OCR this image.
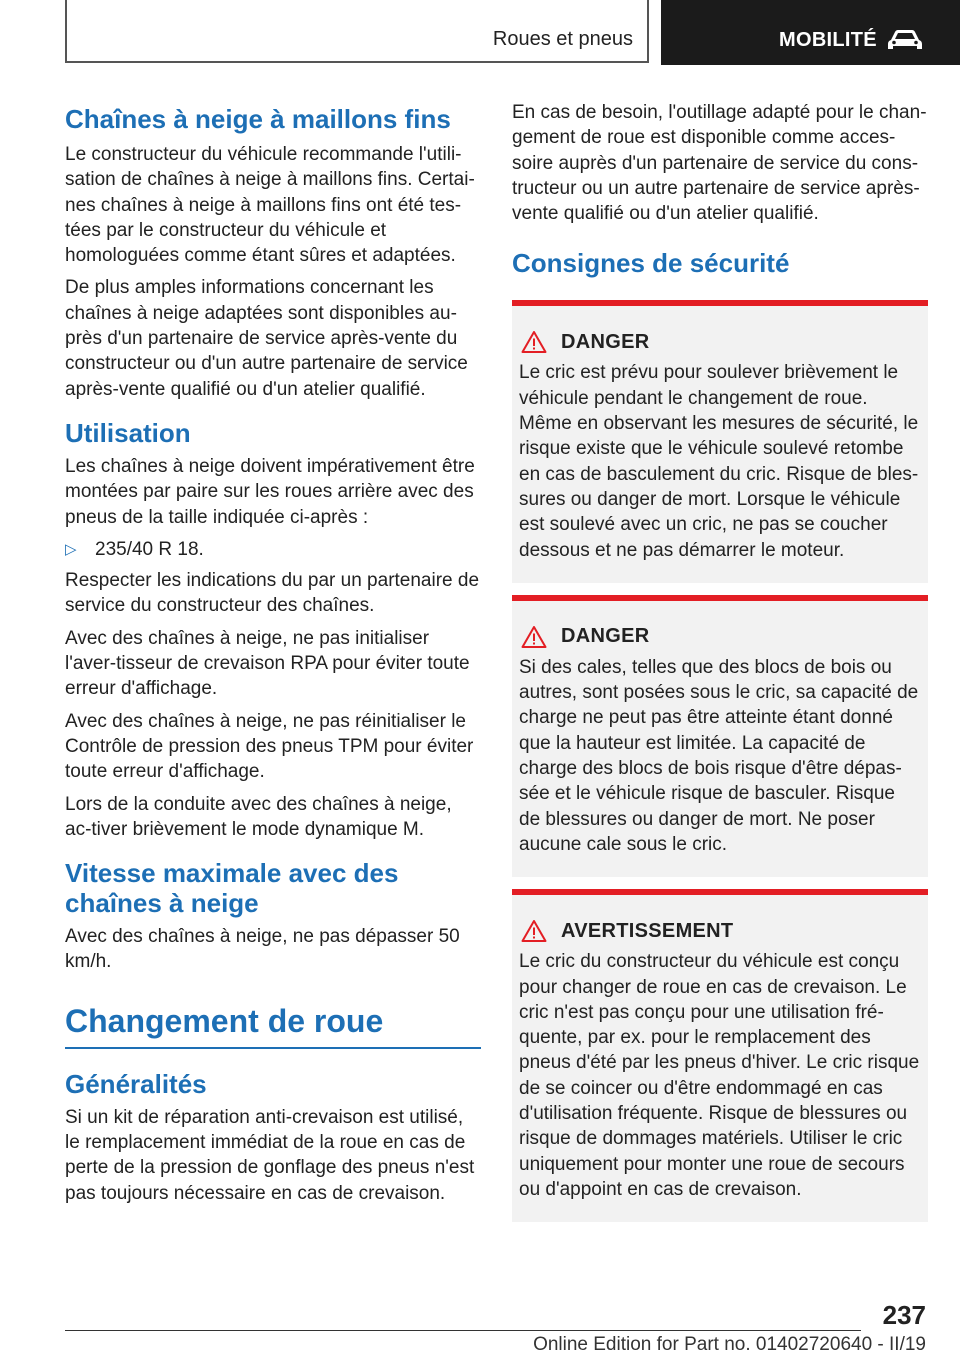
Roues et pneus	MOBILITÉ
Chaînes à neige à maillons fins

Le constructeur du véhicule recommande l'utili-sation de chaînes à neige à maillons fins. Certai-nes chaînes à neige à maillons fins ont été tes-tées par le constructeur du véhicule et homologuées comme étant sûres et adaptées.

De plus amples informations concernant les chaînes à neige adaptées sont disponibles au-près d'un partenaire de service après-vente du constructeur ou d'un autre partenaire de service après-vente qualifié ou d'un atelier qualifié.

Utilisation

Les chaînes à neige doivent impérativement être montées par paire sur les roues arrière avec des pneus de la taille indiquée ci-après :

▷ 235/40 R 18.

Respecter les indications du par un partenaire de service du constructeur des chaînes.

Avec des chaînes à neige, ne pas initialiser l'aver-tisseur de crevaison RPA pour éviter toute erreur d'affichage.

Avec des chaînes à neige, ne pas réinitialiser le Contrôle de pression des pneus TPM pour éviter toute erreur d'affichage.

Lors de la conduite avec des chaînes à neige, ac-tiver brièvement le mode dynamique M.

Vitesse maximale avec des chaînes à neige

Avec des chaînes à neige, ne pas dépasser 50 km/h.

Changement de roue
Généralités

Si un kit de réparation anti-crevaison est utilisé, le remplacement immédiat de la roue en cas de perte de la pression de gonflage des pneus n'est pas toujours nécessaire en cas de crevaison.

En cas de besoin, l'outillage adapté pour le chan-gement de roue est disponible comme acces-soire auprès d'un partenaire de service du cons-tructeur ou un autre partenaire de service après-vente qualifié ou d'un atelier qualifié.

Consignes de sécurité
DANGER

Le cric est prévu pour soulever brièvement le véhicule pendant le changement de roue. Même en observant les mesures de sécurité, le risque existe que le véhicule soulevé retombe en cas de basculement du cric. Risque de bles-sures ou danger de mort. Lorsque le véhicule est soulevé avec un cric, ne pas se coucher dessous et ne pas démarrer le moteur.

DANGER

Si des cales, telles que des blocs de bois ou autres, sont posées sous le cric, sa capacité de charge ne peut pas être atteinte étant donné que la hauteur est limitée. La capacité de charge des blocs de bois risque d'être dépas-sée et le véhicule risque de basculer. Risque de blessures ou danger de mort. Ne poser aucune cale sous le cric.

AVERTISSEMENT

Le cric du constructeur du véhicule est conçu pour changer de roue en cas de crevaison. Le cric n'est pas conçu pour une utilisation fré-quente, par ex. pour le remplacement des pneus d'été par les pneus d'hiver. Le cric risque de se coincer ou d'être endommagé en cas d'utilisation fréquente. Risque de blessures ou risque de dommages matériels. Utiliser le cric uniquement pour monter une roue de secours ou d'appoint en cas de crevaison.

237
Online Edition for Part no. 01402720640 - II/19
